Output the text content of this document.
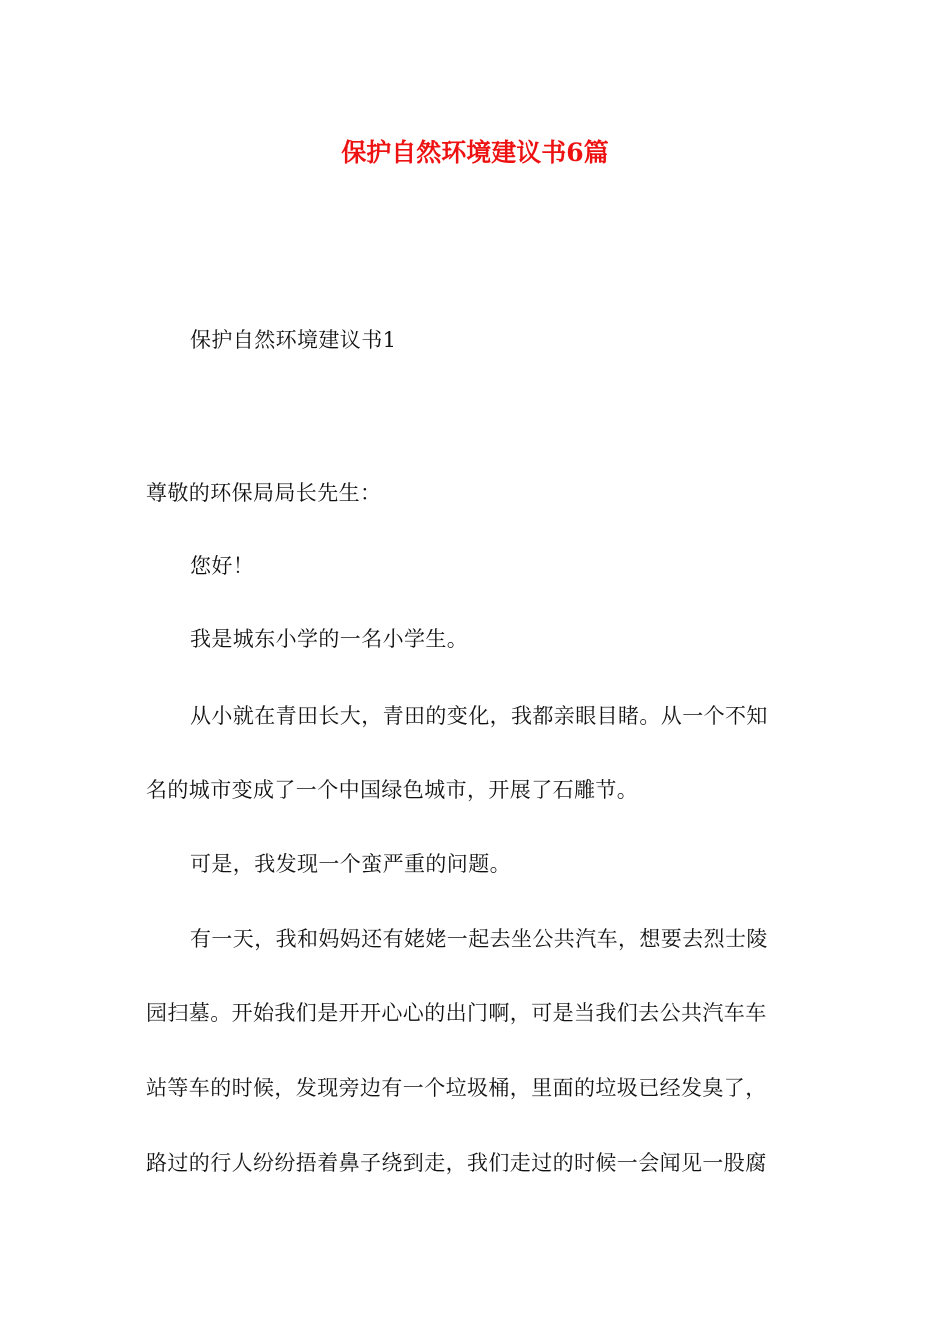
保护自然环境建议书6篇
保护自然环境建议书1
尊敬的环保局局长先生：
您好！
我是城东小学的一名小学生。
从小就在青田长大，青田的变化，我都亲眼目睹。从一个不知
名的城市变成了一个中国绿色城市，开展了石雕节。
可是，我发现一个蛮严重的问题。
有一天，我和妈妈还有姥姥一起去坐公共汽车，想要去烈士陵
园扫墓。开始我们是开开心心的出门啊，可是当我们去公共汽车车
站等车的时候，发现旁边有一个垃圾桶，里面的垃圾已经发臭了，
路过的行人纷纷捂着鼻子绕到走，我们走过的时候一会闻见一股腐
